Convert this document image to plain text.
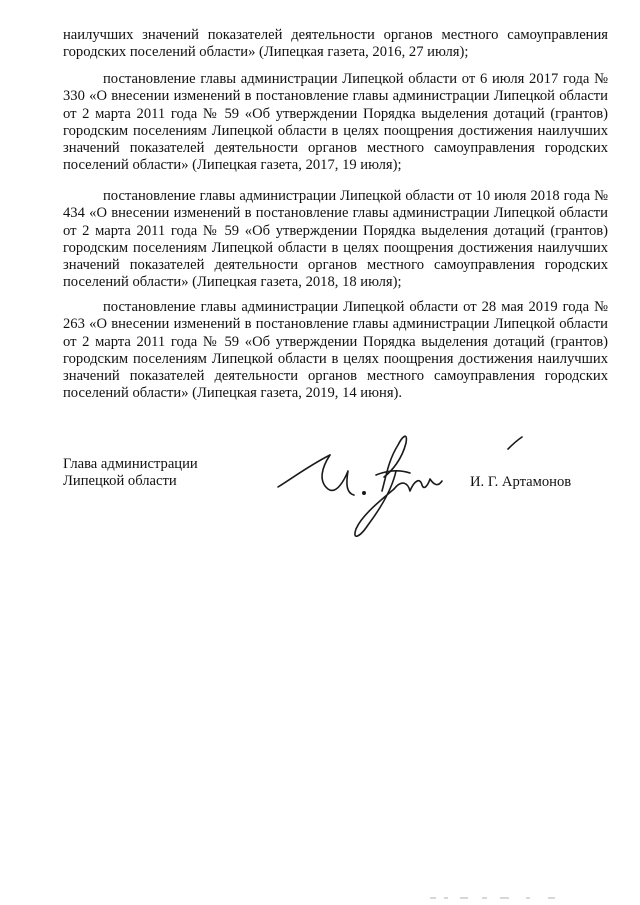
наилучших значений показателей деятельности органов местного самоуправления городских поселений области» (Липецкая газета, 2016, 27 июля);

постановление главы администрации Липецкой области от 6 июля 2017 года № 330 «О внесении изменений в постановление главы администрации Липецкой области от 2 марта 2011 года № 59 «Об утверждении Порядка выделения дотаций (грантов) городским поселениям Липецкой области в целях поощрения достижения наилучших значений показателей деятельности органов местного самоуправления городских поселений области» (Липецкая газета, 2017, 19 июля);

постановление главы администрации Липецкой области от 10 июля 2018 года № 434 «О внесении изменений в постановление главы администрации Липецкой области от 2 марта 2011 года № 59 «Об утверждении Порядка выделения дотаций (грантов) городским поселениям Липецкой области в целях поощрения достижения наилучших значений показателей деятельности органов местного самоуправления городских поселений области» (Липецкая газета, 2018, 18 июля);

постановление главы администрации Липецкой области от 28 мая 2019 года № 263 «О внесении изменений в постановление главы администрации Липецкой области от 2 марта 2011 года № 59 «Об утверждении Порядка выделения дотаций (грантов) городским поселениям Липецкой области в целях поощрения достижения наилучших значений показателей деятельности органов местного самоуправления городских поселений области» (Липецкая газета, 2019, 14 июня).

Глава администрации
Липецкой области	И. Г. Артамонов
